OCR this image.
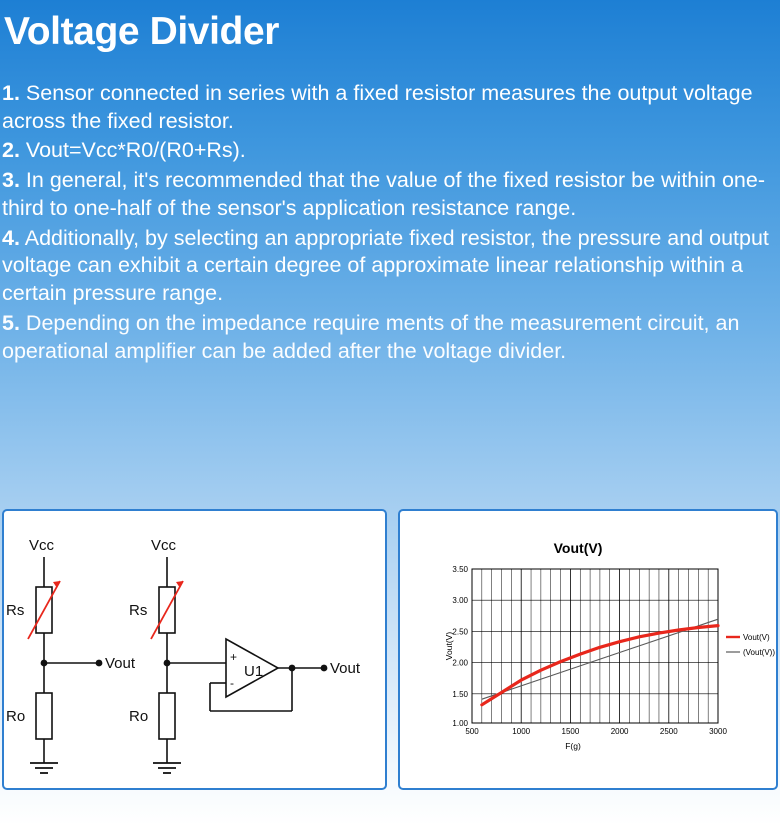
Voltage Divider

1. Sensor connected in series with a fixed resistor measures the output voltage across the fixed resistor.

2. Vout=Vcc*R0/(R0+Rs).

3. In general, it's recommended that the value of the fixed resistor be within one-third to one-half of the sensor's application resistance range.

4. Additionally, by selecting an appropriate fixed resistor, the pressure and output voltage can exhibit a certain degree of approximate linear relationship within a certain pressure range.

5. Depending on the impedance require ments of the measurement circuit, an operational amplifier can be added after the voltage divider.

Vcc
Rs
Vout
Ro
Vcc
Rs
Ro
+
-
U1	Vout
Vout(V)
1.00
1.50
2.00
2.50
3.00
3.50
500	1000	1500	2000	2500	3000
F(g)
Vout(V)	Vout(V)
(Vout(V))
